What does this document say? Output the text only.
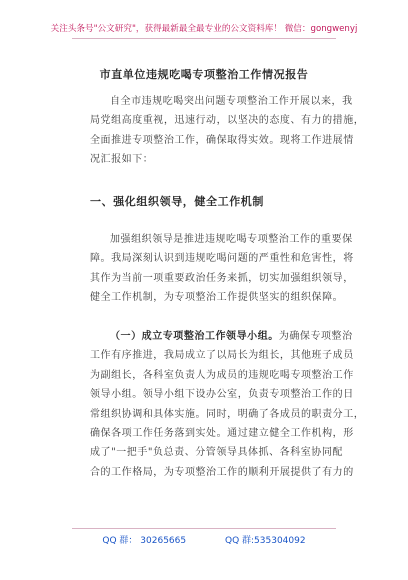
关注头条号"公文研究"，获得最新最全最专业的公文资料库！ 微信：gongwenyj
市直单位违规吃喝专项整治工作情况报告
自全市违规吃喝突出问题专项整治工作开展以来，我
局党组高度重视，迅速行动，以坚决的态度、有力的措施，
全面推进专项整治工作，确保取得实效。现将工作进展情
况汇报如下：
一、强化组织领导，健全工作机制
加强组织领导是推进违规吃喝专项整治工作的重要保
障。我局深刻认识到违规吃喝问题的严重性和危害性，将
其作为当前一项重要政治任务来抓，切实加强组织领导，
健全工作机制，为专项整治工作提供坚实的组织保障。
（一）成立专项整治工作领导小组。为确保专项整治
工作有序推进，我局成立了以局长为组长，其他班子成员
为副组长，各科室负责人为成员的违规吃喝专项整治工作
领导小组。领导小组下设办公室，负责专项整治工作的日
常组织协调和具体实施。同时，明确了各成员的职责分工，
确保各项工作任务落到实处。通过建立健全工作机构，形
成了"一把手"负总责、分管领导具体抓、各科室协同配
合的工作格局，为专项整治工作的顺利开展提供了有力的
QQ 群： 30265665	QQ 群:535304092
